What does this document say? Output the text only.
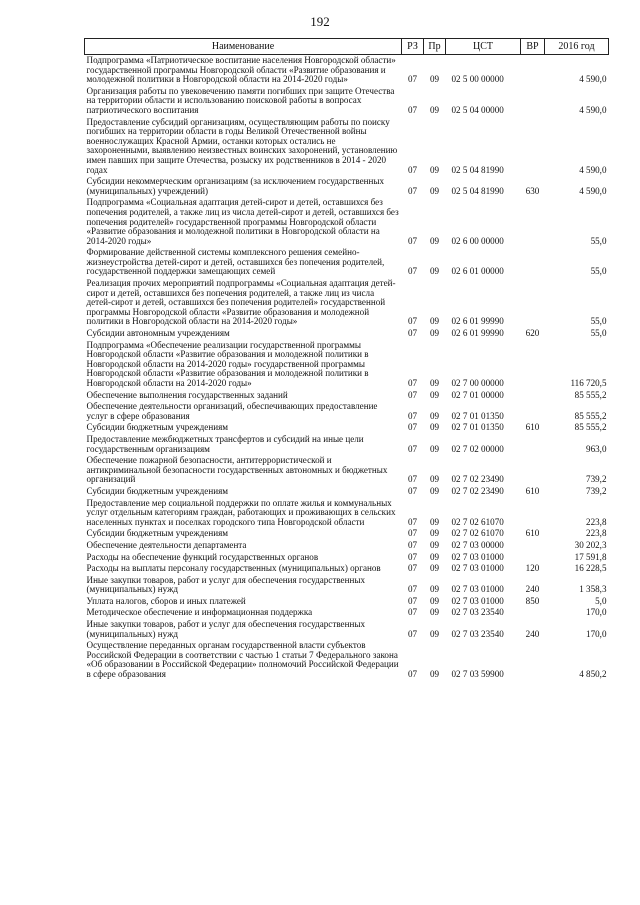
192
Наименование	РЗ	Пр	ЦСТ	ВР	2016 год
Подпрограмма «Патриотическое воспитание населения Новгородской области» государственной программы Новгородской области «Развитие образования и молодежной политики в Новгородской области на 2014-2020 годы»	07	09	02 5 00 00000		4 590,0
Организация работы по увековечению памяти погибших при защите Отечества на территории области и использованию поисковой работы в вопросах патриотического воспитания	07	09	02 5 04 00000		4 590,0
Предоставление субсидий организациям, осуществляющим работы по поиску погибших на территории области в годы Великой Отечественной войны военнослужащих Красной Армии, останки которых остались не захороненными, выявлению неизвестных воинских захоронений, установлению имен павших при защите Отечества, розыску их родственников в 2014 - 2020 годах	07	09	02 5 04 81990		4 590,0
Субсидии некоммерческим организациям (за исключением государственных (муниципальных) учреждений)	07	09	02 5 04 81990	630	4 590,0
Подпрограмма «Социальная адаптация детей-сирот и детей, оставшихся без попечения родителей, а также лиц из числа детей-сирот и детей, оставшихся без попечения родителей» государственной программы Новгородской области «Развитие образования и молодежной политики в Новгородской области на 2014-2020 годы»	07	09	02 6 00 00000		55,0
Формирование действенной системы комплексного решения семейно-жизнеустройства детей-сирот и детей, оставшихся без попечения родителей, государственной поддержки замещающих семей	07	09	02 6 01 00000		55,0
Реализация прочих мероприятий подпрограммы «Социальная адаптация детей-сирот и детей, оставшихся без попечения родителей, а также лиц из числа детей-сирот и детей, оставшихся без попечения родителей» государственной программы Новгородской области «Развитие образования и молодежной политики в Новгородской области на 2014-2020 годы»	07	09	02 6 01 99990		55,0
Субсидии автономным учреждениям	07	09	02 6 01 99990	620	55,0
Подпрограмма «Обеспечение реализации государственной программы Новгородской области «Развитие образования и молодежной политики в Новгородской области на 2014-2020 годы» государственной программы Новгородской области «Развитие образования и молодежной политики в Новгородской области на 2014-2020 годы»	07	09	02 7 00 00000		116 720,5
Обеспечение выполнения государственных заданий	07	09	02 7 01 00000		85 555,2
Обеспечение деятельности организаций, обеспечивающих предоставление услуг в сфере образования	07	09	02 7 01 01350		85 555,2
Субсидии бюджетным учреждениям	07	09	02 7 01 01350	610	85 555,2
Предоставление межбюджетных трансфертов и субсидий на иные цели государственным организациям	07	09	02 7 02 00000		963,0
Обеспечение пожарной безопасности, антитеррористической и антикриминальной безопасности государственных автономных и бюджетных организаций	07	09	02 7 02 23490		739,2
Субсидии бюджетным учреждениям	07	09	02 7 02 23490	610	739,2
Предоставление мер социальной поддержки по оплате жилья и коммунальных услуг отдельным категориям граждан, работающих и проживающих в сельских населенных пунктах и поселках городского типа Новгородской области	07	09	02 7 02 61070		223,8
Субсидии бюджетным учреждениям	07	09	02 7 02 61070	610	223,8
Обеспечение деятельности департамента	07	09	02 7 03 00000		30 202,3
Расходы на обеспечение функций государственных органов	07	09	02 7 03 01000		17 591,8
Расходы на выплаты персоналу государственных (муниципальных) органов	07	09	02 7 03 01000	120	16 228,5
Иные закупки товаров, работ и услуг для обеспечения государственных (муниципальных) нужд	07	09	02 7 03 01000	240	1 358,3
Уплата налогов, сборов и иных платежей	07	09	02 7 03 01000	850	5,0
Методическое обеспечение и информационная поддержка	07	09	02 7 03 23540		170,0
Иные закупки товаров, работ и услуг для обеспечения государственных (муниципальных) нужд	07	09	02 7 03 23540	240	170,0
Осуществление переданных органам государственной власти субъектов Российской Федерации в соответствии с частью 1 статьи 7 Федерального закона «Об образовании в Российской Федерации» полномочий Российской Федерации в сфере образования	07	09	02 7 03 59900		4 850,2
